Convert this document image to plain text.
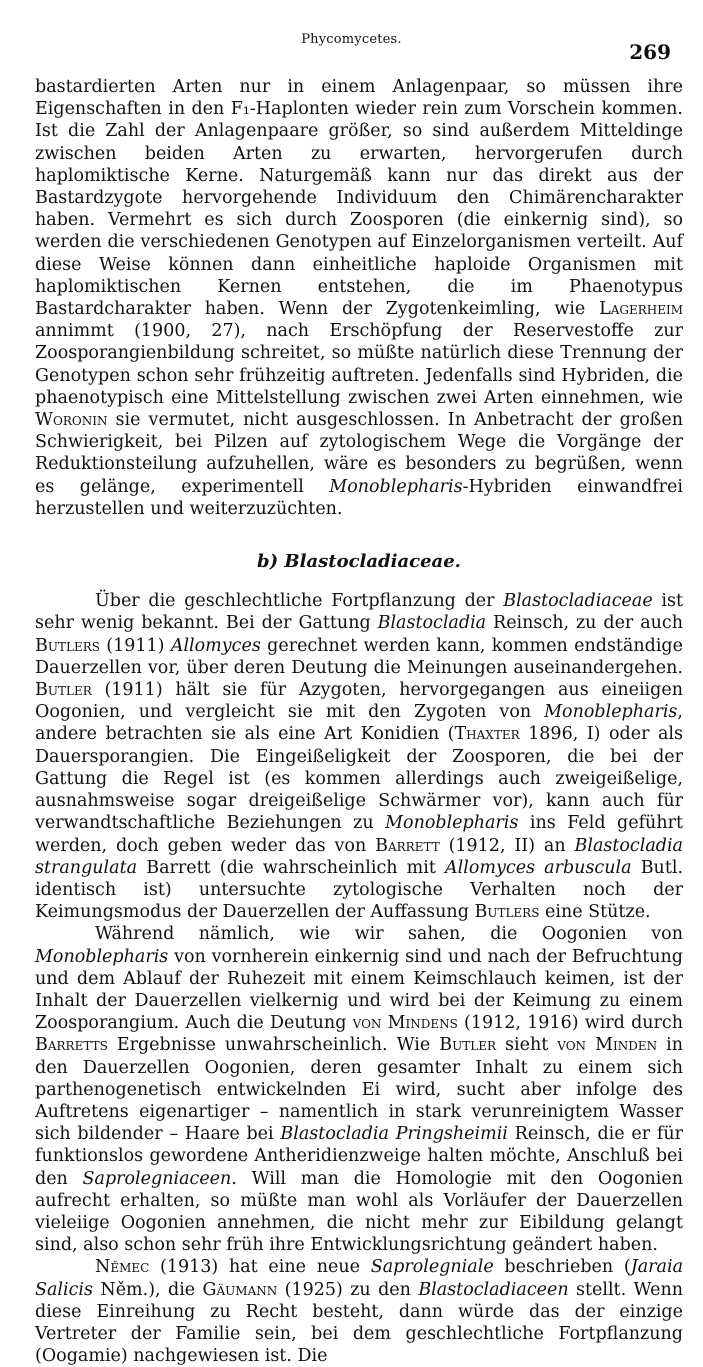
Phycomycetes.
269

bastardierten Arten nur in einem Anlagenpaar, so müssen ihre Eigenschaften in den F₁-Haplonten wieder rein zum Vorschein kommen. Ist die Zahl der Anlagenpaare größer, so sind außerdem Mitteldinge zwischen beiden Arten zu erwarten, hervorgerufen durch haplomiktische Kerne. Naturgemäß kann nur das direkt aus der Bastardzygote hervorgehende Individuum den Chimärencharakter haben. Vermehrt es sich durch Zoosporen (die einkernig sind), so werden die verschiedenen Genotypen auf Einzelorganismen verteilt. Auf diese Weise können dann einheitliche haploide Organismen mit haplomiktischen Kernen entstehen, die im Phaenotypus Bastardcharakter haben. Wenn der Zygotenkeimling, wie Lagerheim annimmt (1900, 27), nach Erschöpfung der Reservestoffe zur Zoosporangienbildung schreitet, so müßte natürlich diese Trennung der Genotypen schon sehr frühzeitig auftreten. Jedenfalls sind Hybriden, die phaenotypisch eine Mittelstellung zwischen zwei Arten einnehmen, wie Woronin sie vermutet, nicht ausgeschlossen. In Anbetracht der großen Schwierigkeit, bei Pilzen auf zytologischem Wege die Vorgänge der Reduktionsteilung aufzuhellen, wäre es besonders zu begrüßen, wenn es gelänge, experimentell Monoblepharis-Hybriden einwandfrei herzustellen und weiterzuzüchten.

b) Blastocladiaceae.

Über die geschlechtliche Fortpflanzung der Blastocladiaceae ist sehr wenig bekannt. Bei der Gattung Blastocladia Reinsch, zu der auch Butlers (1911) Allomyces gerechnet werden kann, kommen endständige Dauerzellen vor, über deren Deutung die Meinungen auseinandergehen. Butler (1911) hält sie für Azygoten, hervorgegangen aus eineiigen Oogonien, und vergleicht sie mit den Zygoten von Monoblepharis, andere betrachten sie als eine Art Konidien (Thaxter 1896, I) oder als Dauersporangien. Die Eingeißeligkeit der Zoosporen, die bei der Gattung die Regel ist (es kommen allerdings auch zweigeißelige, ausnahmsweise sogar dreigeißelige Schwärmer vor), kann auch für verwandtschaftliche Beziehungen zu Monoblepharis ins Feld geführt werden, doch geben weder das von Barrett (1912, II) an Blastocladia strangulata Barrett (die wahrscheinlich mit Allomyces arbuscula Butl. identisch ist) untersuchte zytologische Verhalten noch der Keimungsmodus der Dauerzellen der Auffassung Butlers eine Stütze.

Während nämlich, wie wir sahen, die Oogonien von Monoblepharis von vornherein einkernig sind und nach der Befruchtung und dem Ablauf der Ruhezeit mit einem Keimschlauch keimen, ist der Inhalt der Dauerzellen vielkernig und wird bei der Keimung zu einem Zoosporangium. Auch die Deutung von Mindens (1912, 1916) wird durch Barretts Ergebnisse unwahrscheinlich. Wie Butler sieht von Minden in den Dauerzellen Oogonien, deren gesamter Inhalt zu einem sich parthenogenetisch entwickelnden Ei wird, sucht aber infolge des Auftretens eigenartiger – namentlich in stark verunreinigtem Wasser sich bildender – Haare bei Blastocladia Pringsheimii Reinsch, die er für funktionslos gewordene Antheridienzweige halten möchte, Anschluß bei den Saprolegniaceen. Will man die Homologie mit den Oogonien aufrecht erhalten, so müßte man wohl als Vorläufer der Dauerzellen vieleiige Oogonien annehmen, die nicht mehr zur Eibildung gelangt sind, also schon sehr früh ihre Entwicklungsrichtung geändert haben.

Němec (1913) hat eine neue Saprolegniale beschrieben (Jaraia Salicis Něm.), die Gäumann (1925) zu den Blastocladiaceen stellt. Wenn diese Einreihung zu Recht besteht, dann würde das der einzige Vertreter der Familie sein, bei dem geschlechtliche Fortpflanzung (Oogamie) nachgewiesen ist. Die
